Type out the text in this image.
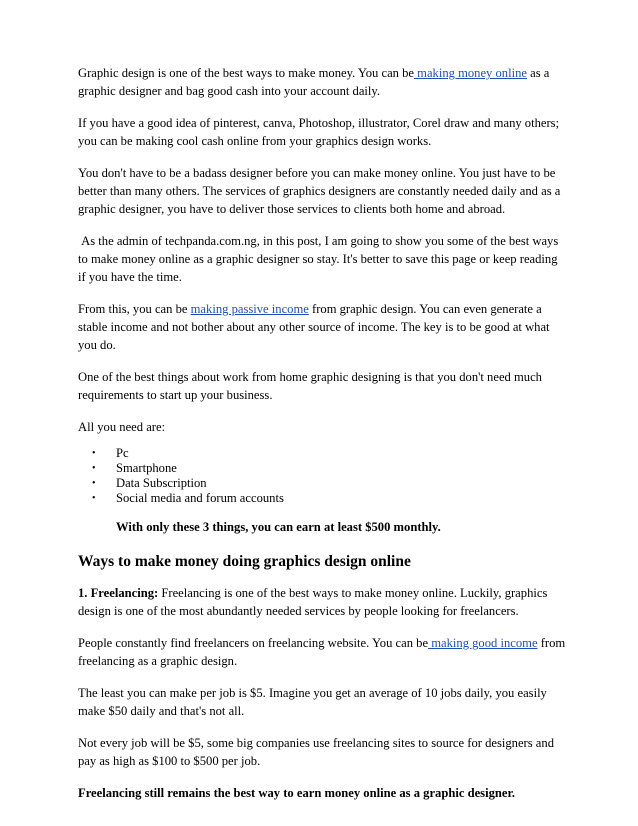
Graphic design is one of the best ways to make money. You can be making money online as a graphic designer and bag good cash into your account daily.

If you have a good idea of pinterest, canva, Photoshop, illustrator, Corel draw and many others; you can be making cool cash online from your graphics design works.

You don't have to be a badass designer before you can make money online. You just have to be better than many others. The services of graphics designers are constantly needed daily and as a graphic designer, you have to deliver those services to clients both home and abroad.

As the admin of techpanda.com.ng, in this post, I am going to show you some of the best ways to make money online as a graphic designer so stay. It's better to save this page or keep reading if you have the time.

From this, you can be making passive income from graphic design. You can even generate a stable income and not bother about any other source of income. The key is to be good at what you do.

One of the best things about work from home graphic designing is that you don't need much requirements to start up your business.

All you need are:

• Pc
• Smartphone
• Data Subscription
• Social media and forum accounts

With only these 3 things, you can earn at least $500 monthly.

Ways to make money doing graphics design online

1. Freelancing: Freelancing is one of the best ways to make money online. Luckily, graphics design is one of the most abundantly needed services by people looking for freelancers.

People constantly find freelancers on freelancing website. You can be making good income from freelancing as a graphic design.

The least you can make per job is $5. Imagine you get an average of 10 jobs daily, you easily make $50 daily and that's not all.

Not every job will be $5, some big companies use freelancing sites to source for designers and pay as high as $100 to $500 per job.

Freelancing still remains the best way to earn money online as a graphic designer.
